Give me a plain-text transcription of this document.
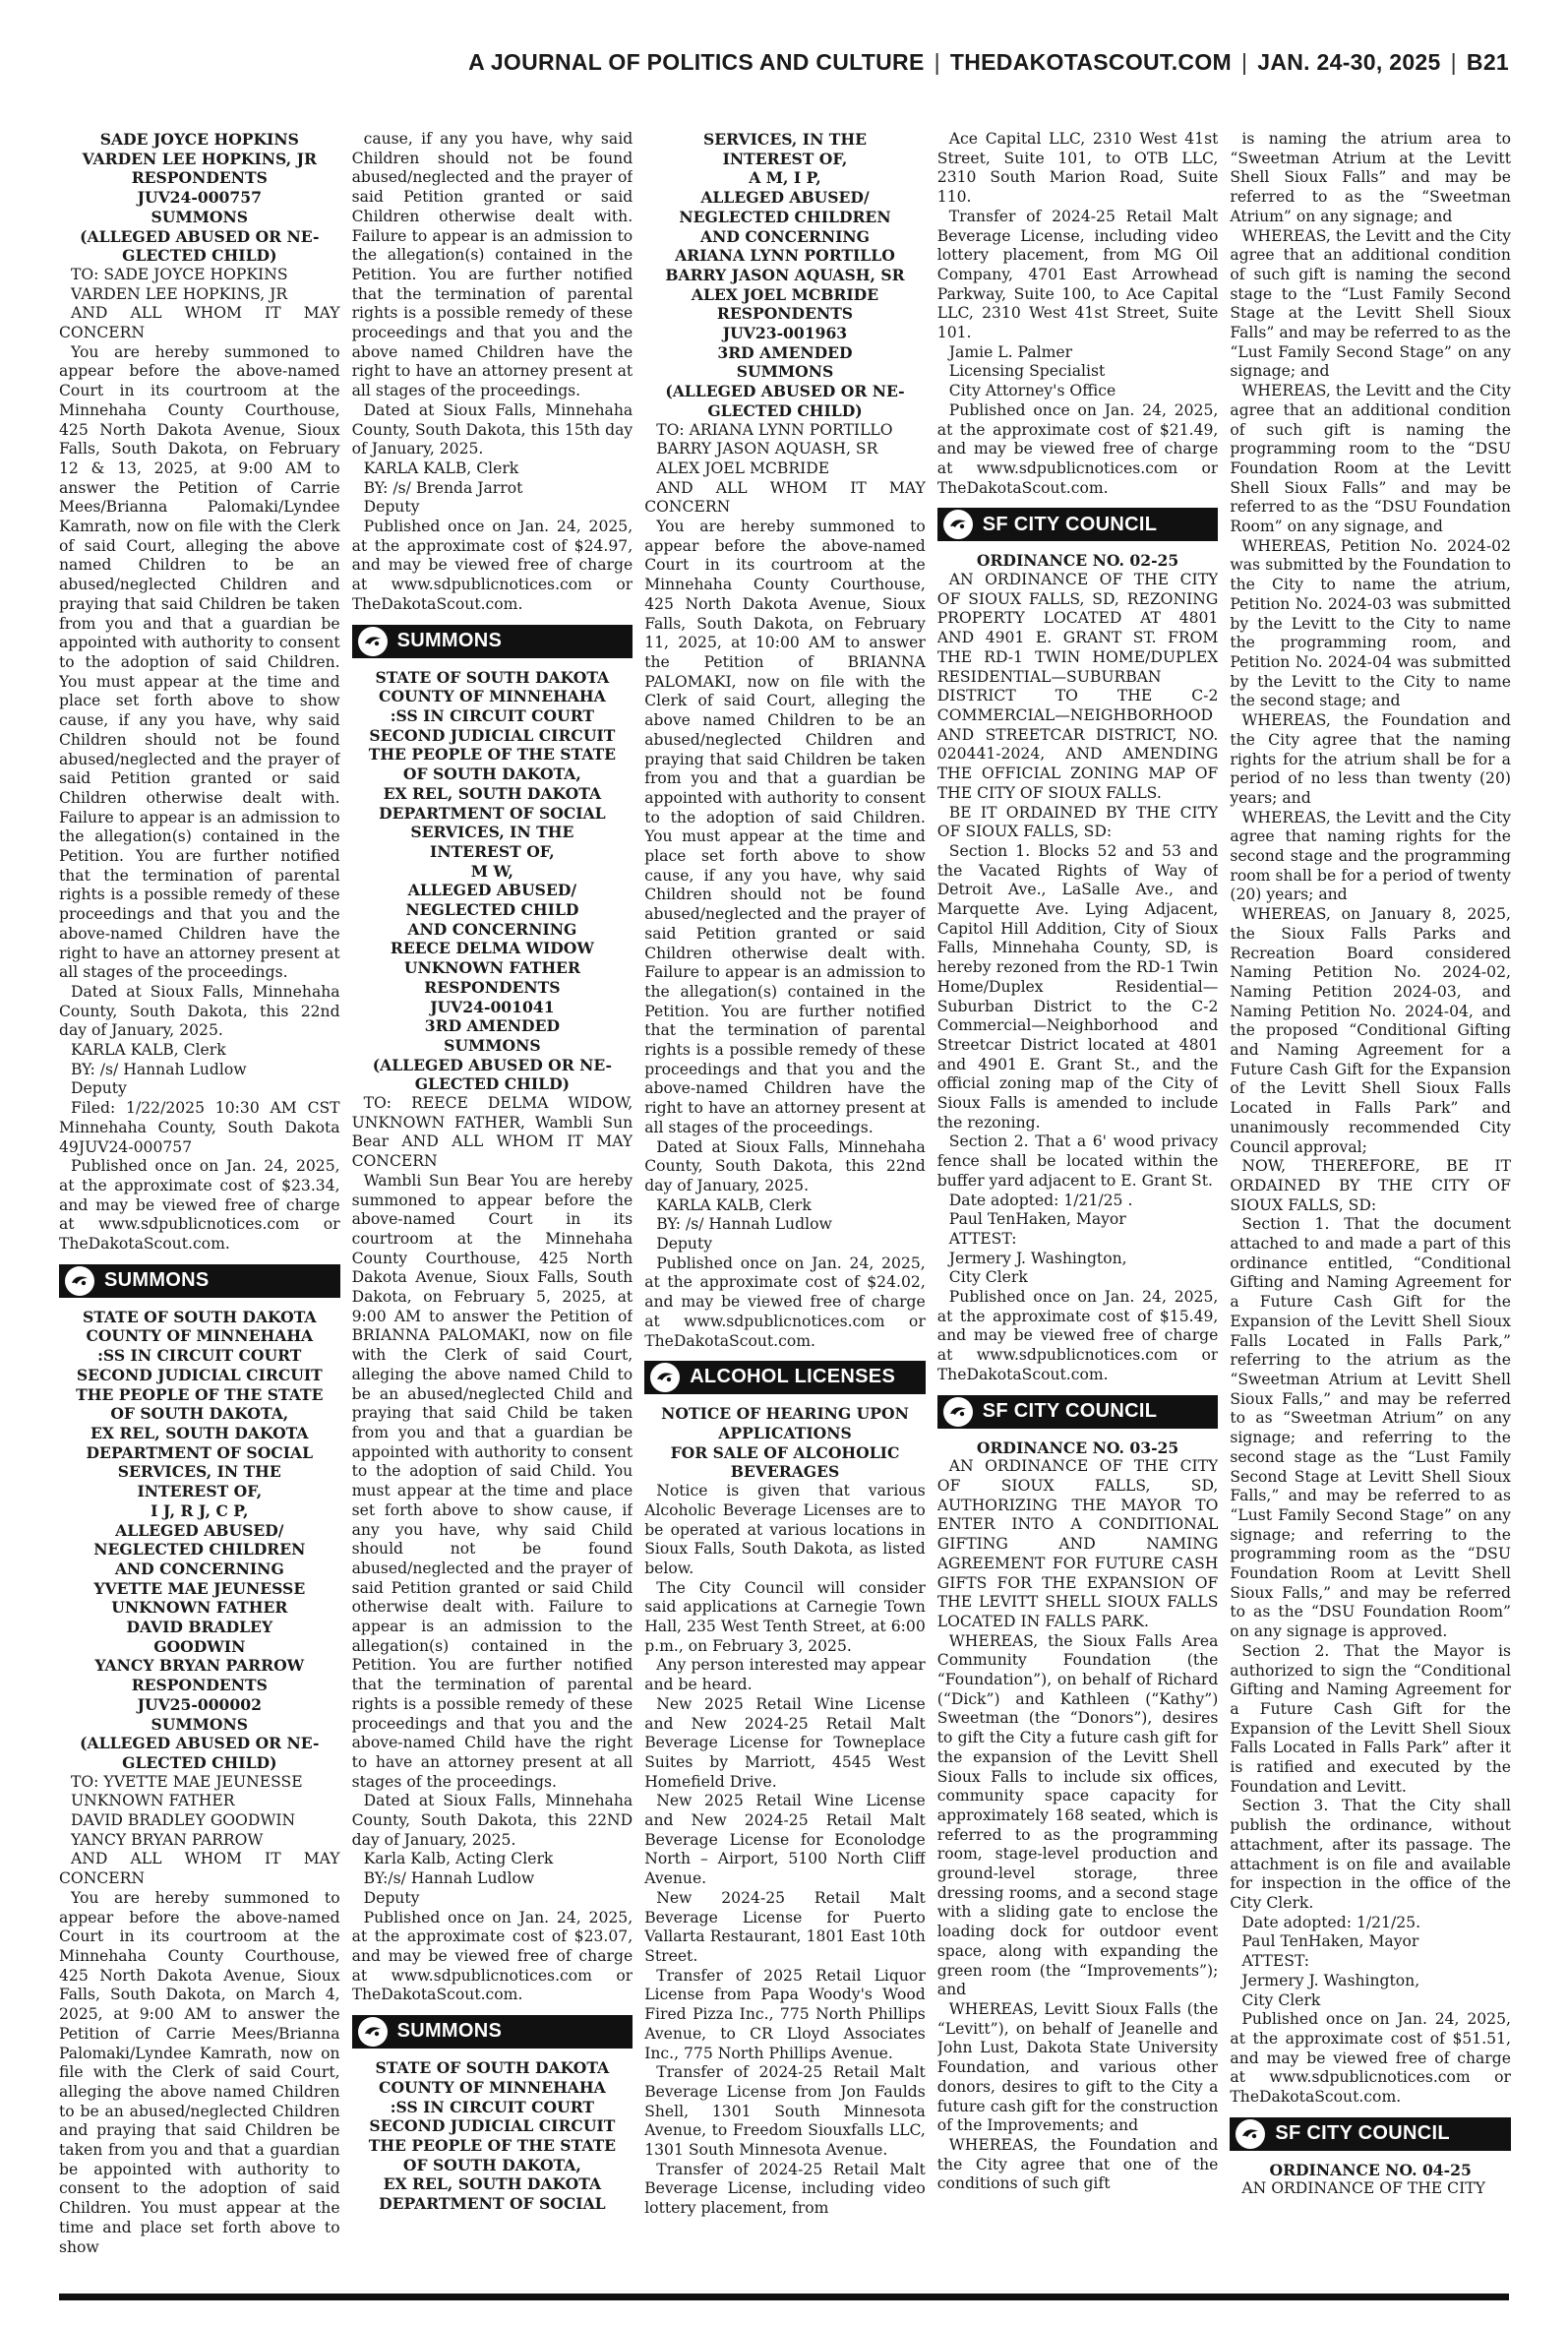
A JOURNAL OF POLITICS AND CULTURE | THEDAKOTASCOUT.COM | JAN. 24-30, 2025 | B21
SADE JOYCE HOPKINS
VARDEN LEE HOPKINS, JR
RESPONDENTS
JUV24-000757
SUMMONS
(ALLEGED ABUSED OR NE-
GLECTED CHILD)

TO: SADE JOYCE HOPKINS

VARDEN LEE HOPKINS, JR

AND ALL WHOM IT MAY CONCERN

You are hereby summoned to appear before the above-named Court in its courtroom at the Minnehaha County Courthouse, 425 North Dakota Avenue, Sioux Falls, South Dakota, on February 12 & 13, 2025, at 9:00 AM to answer the Petition of Carrie Mees/Brianna Palomaki/Lyndee Kamrath, now on file with the Clerk of said Court, alleging the above named Children to be an abused/neglected Children and praying that said Children be taken from you and that a guardian be appointed with authority to consent to the adoption of said Children. You must appear at the time and place set forth above to show cause, if any you have, why said Children should not be found abused/neglected and the prayer of said Petition granted or said Children otherwise dealt with. Failure to appear is an admission to the allegation(s) contained in the Petition. You are further notified that the termination of parental rights is a possible remedy of these proceedings and that you and the above-named Children have the right to have an attorney present at all stages of the proceedings.

Dated at Sioux Falls, Minnehaha County, South Dakota, this 22nd day of January, 2025.

KARLA KALB, Clerk

BY: /s/ Hannah Ludlow

Deputy

Filed: 1/22/2025 10:30 AM CST Minnehaha County, South Dakota 49JUV24-000757

Published once on Jan. 24, 2025, at the approximate cost of $23.34, and may be viewed free of charge at www.sdpublicnotices.com or TheDakotaScout.com.

SUMMONS
STATE OF SOUTH DAKOTA
COUNTY OF MINNEHAHA
:SS IN CIRCUIT COURT
SECOND JUDICIAL CIRCUIT
THE PEOPLE OF THE STATE
OF SOUTH DAKOTA,
EX REL, SOUTH DAKOTA
DEPARTMENT OF SOCIAL
SERVICES, IN THE
INTEREST OF,
I J, R J, C P,
ALLEGED ABUSED/
NEGLECTED CHILDREN
AND CONCERNING
YVETTE MAE JEUNESSE
UNKNOWN FATHER
DAVID BRADLEY
GOODWIN
YANCY BRYAN PARROW
RESPONDENTS
JUV25-000002
SUMMONS
(ALLEGED ABUSED OR NE-
GLECTED CHILD)

TO: YVETTE MAE JEUNESSE

UNKNOWN FATHER

DAVID BRADLEY GOODWIN

YANCY BRYAN PARROW

AND ALL WHOM IT MAY CONCERN

You are hereby summoned to appear before the above-named Court in its courtroom at the Minnehaha County Courthouse, 425 North Dakota Avenue, Sioux Falls, South Dakota, on March 4, 2025, at 9:00 AM to answer the Petition of Carrie Mees/Brianna Palomaki/Lyndee Kamrath, now on file with the Clerk of said Court, alleging the above named Children to be an abused/neglected Children and praying that said Children be taken from you and that a guardian be appointed with authority to consent to the adoption of said Children. You must appear at the time and place set forth above to show

cause, if any you have, why said Children should not be found abused/neglected and the prayer of said Petition granted or said Children otherwise dealt with. Failure to appear is an admission to the allegation(s) contained in the Petition. You are further notified that the termination of parental rights is a possible remedy of these proceedings and that you and the above named Children have the right to have an attorney present at all stages of the proceedings.

Dated at Sioux Falls, Minnehaha County, South Dakota, this 15th day of January, 2025.

KARLA KALB, Clerk

BY: /s/ Brenda Jarrot

Deputy

Published once on Jan. 24, 2025, at the approximate cost of $24.97, and may be viewed free of charge at www.sdpublicnotices.com or TheDakotaScout.com.

SUMMONS
STATE OF SOUTH DAKOTA
COUNTY OF MINNEHAHA
:SS IN CIRCUIT COURT
SECOND JUDICIAL CIRCUIT
THE PEOPLE OF THE STATE
OF SOUTH DAKOTA,
EX REL, SOUTH DAKOTA
DEPARTMENT OF SOCIAL
SERVICES, IN THE
INTEREST OF,
M W,
ALLEGED ABUSED/
NEGLECTED CHILD
AND CONCERNING
REECE DELMA WIDOW
UNKNOWN FATHER
RESPONDENTS
JUV24-001041
3RD AMENDED
SUMMONS
(ALLEGED ABUSED OR NE-
GLECTED CHILD)

TO: REECE DELMA WIDOW, UNKNOWN FATHER, Wambli Sun Bear AND ALL WHOM IT MAY CONCERN

Wambli Sun Bear You are hereby summoned to appear before the above-named Court in its courtroom at the Minnehaha County Courthouse, 425 North Dakota Avenue, Sioux Falls, South Dakota, on February 5, 2025, at 9:00 AM to answer the Petition of BRIANNA PALOMAKI, now on file with the Clerk of said Court, alleging the above named Child to be an abused/neglected Child and praying that said Child be taken from you and that a guardian be appointed with authority to consent to the adoption of said Child. You must appear at the time and place set forth above to show cause, if any you have, why said Child should not be found abused/neglected and the prayer of said Petition granted or said Child otherwise dealt with. Failure to appear is an admission to the allegation(s) contained in the Petition. You are further notified that the termination of parental rights is a possible remedy of these proceedings and that you and the above-named Child have the right to have an attorney present at all stages of the proceedings.

Dated at Sioux Falls, Minnehaha County, South Dakota, this 22ND day of January, 2025.

Karla Kalb, Acting Clerk

BY:/s/ Hannah Ludlow

Deputy

Published once on Jan. 24, 2025, at the approximate cost of $23.07, and may be viewed free of charge at www.sdpublicnotices.com or TheDakotaScout.com.

SUMMONS
STATE OF SOUTH DAKOTA
COUNTY OF MINNEHAHA
:SS IN CIRCUIT COURT
SECOND JUDICIAL CIRCUIT
THE PEOPLE OF THE STATE
OF SOUTH DAKOTA,
EX REL, SOUTH DAKOTA
DEPARTMENT OF SOCIAL
SERVICES, IN THE
INTEREST OF,
A M, I P,
ALLEGED ABUSED/
NEGLECTED CHILDREN
AND CONCERNING
ARIANA LYNN PORTILLO
BARRY JASON AQUASH, SR
ALEX JOEL MCBRIDE
RESPONDENTS
JUV23-001963
3RD AMENDED
SUMMONS
(ALLEGED ABUSED OR NE-
GLECTED CHILD)

TO: ARIANA LYNN PORTILLO

BARRY JASON AQUASH, SR

ALEX JOEL MCBRIDE

AND ALL WHOM IT MAY CONCERN

You are hereby summoned to appear before the above-named Court in its courtroom at the Minnehaha County Courthouse, 425 North Dakota Avenue, Sioux Falls, South Dakota, on February 11, 2025, at 10:00 AM to answer the Petition of BRIANNA PALOMAKI, now on file with the Clerk of said Court, alleging the above named Children to be an abused/neglected Children and praying that said Children be taken from you and that a guardian be appointed with authority to consent to the adoption of said Children. You must appear at the time and place set forth above to show cause, if any you have, why said Children should not be found abused/neglected and the prayer of said Petition granted or said Children otherwise dealt with. Failure to appear is an admission to the allegation(s) contained in the Petition. You are further notified that the termination of parental rights is a possible remedy of these proceedings and that you and the above-named Children have the right to have an attorney present at all stages of the proceedings.

Dated at Sioux Falls, Minnehaha County, South Dakota, this 22nd day of January, 2025.

KARLA KALB, Clerk

BY: /s/ Hannah Ludlow

Deputy

Published once on Jan. 24, 2025, at the approximate cost of $24.02, and may be viewed free of charge at www.sdpublicnotices.com or TheDakotaScout.com.

ALCOHOL LICENSES
NOTICE OF HEARING UPON
APPLICATIONS
FOR SALE OF ALCOHOLIC
BEVERAGES

Notice is given that various Alcoholic Beverage Licenses are to be operated at various locations in Sioux Falls, South Dakota, as listed below.

The City Council will consider said applications at Carnegie Town Hall, 235 West Tenth Street, at 6:00 p.m., on February 3, 2025.

Any person interested may appear and be heard.

New 2025 Retail Wine License and New 2024-25 Retail Malt Beverage License for Towneplace Suites by Marriott, 4545 West Homefield Drive.

New 2025 Retail Wine License and New 2024-25 Retail Malt Beverage License for Econolodge North – Airport, 5100 North Cliff Avenue.

New 2024-25 Retail Malt Beverage License for Puerto Vallarta Restaurant, 1801 East 10th Street.

Transfer of 2025 Retail Liquor License from Papa Woody's Wood Fired Pizza Inc., 775 North Phillips Avenue, to CR Lloyd Associates Inc., 775 North Phillips Avenue.

Transfer of 2024-25 Retail Malt Beverage License from Jon Faulds Shell, 1301 South Minnesota Avenue, to Freedom Siouxfalls LLC, 1301 South Minnesota Avenue.

Transfer of 2024-25 Retail Malt Beverage License, including video lottery placement, from

Ace Capital LLC, 2310 West 41st Street, Suite 101, to OTB LLC, 2310 South Marion Road, Suite 110.

Transfer of 2024-25 Retail Malt Beverage License, including video lottery placement, from MG Oil Company, 4701 East Arrowhead Parkway, Suite 100, to Ace Capital LLC, 2310 West 41st Street, Suite 101.

Jamie L. Palmer

Licensing Specialist

City Attorney's Office

Published once on Jan. 24, 2025, at the approximate cost of $21.49, and may be viewed free of charge at www.sdpublicnotices.com or TheDakotaScout.com.

SF CITY COUNCIL
ORDINANCE NO. 02-25

AN ORDINANCE OF THE CITY OF SIOUX FALLS, SD, REZONING PROPERTY LOCATED AT 4801 AND 4901 E. GRANT ST. FROM THE RD-1 TWIN HOME/DUPLEX RESIDENTIAL—SUBURBAN DISTRICT TO THE C-2 COMMERCIAL—NEIGHBORHOOD AND STREETCAR DISTRICT, NO. 020441-2024, AND AMENDING THE OFFICIAL ZONING MAP OF THE CITY OF SIOUX FALLS.

BE IT ORDAINED BY THE CITY OF SIOUX FALLS, SD:

Section 1. Blocks 52 and 53 and the Vacated Rights of Way of Detroit Ave., LaSalle Ave., and Marquette Ave. Lying Adjacent, Capitol Hill Addition, City of Sioux Falls, Minnehaha County, SD, is hereby rezoned from the RD-1 Twin Home/Duplex Residential—Suburban District to the C-2 Commercial—Neighborhood and Streetcar District located at 4801 and 4901 E. Grant St., and the official zoning map of the City of Sioux Falls is amended to include the rezoning.

Section 2. That a 6' wood privacy fence shall be located within the buffer yard adjacent to E. Grant St.

Date adopted: 1/21/25 .

Paul TenHaken, Mayor

ATTEST:

Jermery J. Washington,

City Clerk

Published once on Jan. 24, 2025, at the approximate cost of $15.49, and may be viewed free of charge at www.sdpublicnotices.com or TheDakotaScout.com.

SF CITY COUNCIL
ORDINANCE NO. 03-25

AN ORDINANCE OF THE CITY OF SIOUX FALLS, SD, AUTHORIZING THE MAYOR TO ENTER INTO A CONDITIONAL GIFTING AND NAMING AGREEMENT FOR FUTURE CASH GIFTS FOR THE EXPANSION OF THE LEVITT SHELL SIOUX FALLS LOCATED IN FALLS PARK.

WHEREAS, the Sioux Falls Area Community Foundation (the “Foundation”), on behalf of Richard (“Dick”) and Kathleen (“Kathy”) Sweetman (the “Donors”), desires to gift the City a future cash gift for the expansion of the Levitt Shell Sioux Falls to include six offices, community space capacity for approximately 168 seated, which is referred to as the programming room, stage-level production and ground-level storage, three dressing rooms, and a second stage with a sliding gate to enclose the loading dock for outdoor event space, along with expanding the green room (the “Improvements”); and

WHEREAS, Levitt Sioux Falls (the “Levitt”), on behalf of Jeanelle and John Lust, Dakota State University Foundation, and various other donors, desires to gift to the City a future cash gift for the construction of the Improvements; and

WHEREAS, the Foundation and the City agree that one of the conditions of such gift

is naming the atrium area to “Sweetman Atrium at the Levitt Shell Sioux Falls” and may be referred to as the “Sweetman Atrium” on any signage; and

WHEREAS, the Levitt and the City agree that an additional condition of such gift is naming the second stage to the “Lust Family Second Stage at the Levitt Shell Sioux Falls” and may be referred to as the “Lust Family Second Stage” on any signage; and

WHEREAS, the Levitt and the City agree that an additional condition of such gift is naming the programming room to the “DSU Foundation Room at the Levitt Shell Sioux Falls” and may be referred to as the “DSU Foundation Room” on any signage, and

WHEREAS, Petition No. 2024-02 was submitted by the Foundation to the City to name the atrium, Petition No. 2024-03 was submitted by the Levitt to the City to name the programming room, and Petition No. 2024-04 was submitted by the Levitt to the City to name the second stage; and

WHEREAS, the Foundation and the City agree that the naming rights for the atrium shall be for a period of no less than twenty (20) years; and

WHEREAS, the Levitt and the City agree that naming rights for the second stage and the programming room shall be for a period of twenty (20) years; and

WHEREAS, on January 8, 2025, the Sioux Falls Parks and Recreation Board considered Naming Petition No. 2024-02, Naming Petition 2024-03, and Naming Petition No. 2024-04, and the proposed “Conditional Gifting and Naming Agreement for a Future Cash Gift for the Expansion of the Levitt Shell Sioux Falls Located in Falls Park” and unanimously recommended City Council approval;

NOW, THEREFORE, BE IT ORDAINED BY THE CITY OF SIOUX FALLS, SD:

Section 1. That the document attached to and made a part of this ordinance entitled, “Conditional Gifting and Naming Agreement for a Future Cash Gift for the Expansion of the Levitt Shell Sioux Falls Located in Falls Park,” referring to the atrium as the “Sweetman Atrium at Levitt Shell Sioux Falls,” and may be referred to as “Sweetman Atrium” on any signage; and referring to the second stage as the “Lust Family Second Stage at Levitt Shell Sioux Falls,” and may be referred to as “Lust Family Second Stage” on any signage; and referring to the programming room as the “DSU Foundation Room at Levitt Shell Sioux Falls,” and may be referred to as the “DSU Foundation Room” on any signage is approved.

Section 2. That the Mayor is authorized to sign the “Conditional Gifting and Naming Agreement for a Future Cash Gift for the Expansion of the Levitt Shell Sioux Falls Located in Falls Park” after it is ratified and executed by the Foundation and Levitt.

Section 3. That the City shall publish the ordinance, without attachment, after its passage. The attachment is on file and available for inspection in the office of the City Clerk.

Date adopted: 1/21/25.

Paul TenHaken, Mayor

ATTEST:

Jermery J. Washington,

City Clerk

Published once on Jan. 24, 2025, at the approximate cost of $51.51, and may be viewed free of charge at www.sdpublicnotices.com or TheDakotaScout.com.

SF CITY COUNCIL
ORDINANCE NO. 04-25

AN ORDINANCE OF THE CITY
